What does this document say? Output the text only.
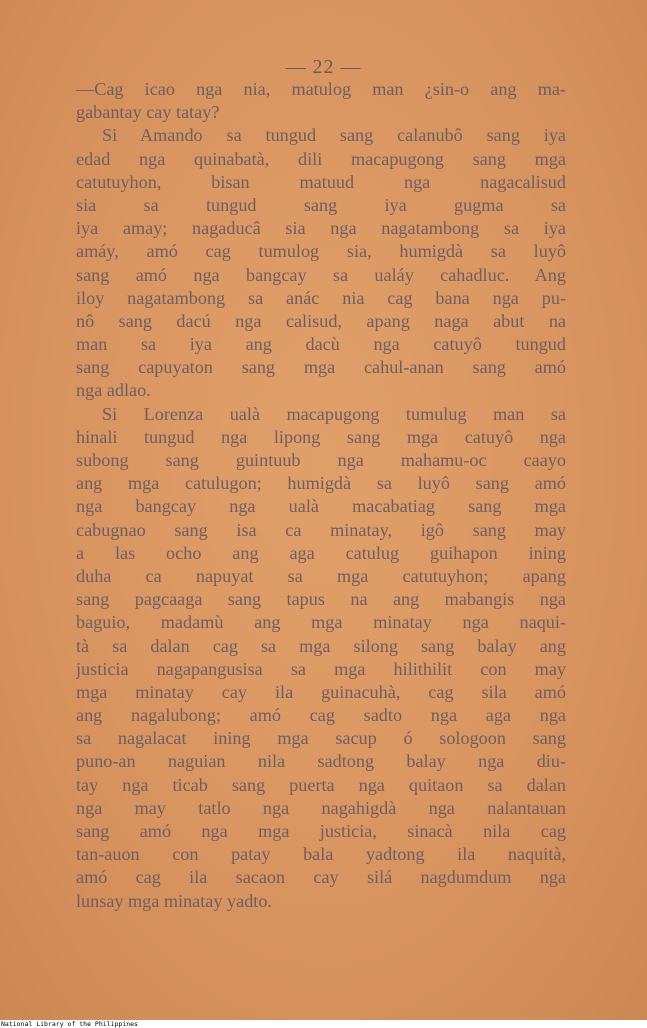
— 22 —
—Cag icao nga nia, matulog man ¿sin-o ang ma-
gabantay cay tatay?
Si Amando sa tungud sang calanubô sang iya
edad nga quinabatà, dili macapugong sang mga
catutuyhon, bisan matuud nga nagacalisud
sia sa tungud sang iya gugma sa
iya amay; nagaducâ sia nga nagatambong sa iya
amáy, amó cag tumulog sia, humigdà sa luyô
sang amó nga bangcay sa ualáy cahadluc. Ang
iloy nagatambong sa anác nia cag bana nga pu-
nô sang dacú nga calisud, apang naga abut na
man sa iya ang dacù nga catuyô tungud
sang capuyaton sang mga cahul-anan sang amó
nga adlao.
Si Lorenza ualà macapugong tumulug man sa
hinali tungud nga lipong sang mga catuyô nga
subong sang guintuub nga mahamu-oc caayo
ang mga catulugon; humigdà sa luyô sang amó
nga bangcay nga ualà macabatiag sang mga
cabugnao sang isa ca minatay, igô sang may
a las ocho ang aga catulug guihapon ining
duha ca napuyat sa mga catutuyhon; apang
sang pagcaaga sang tapus na ang mabangis nga
baguio, madamù ang mga minatay nga naqui-
tà sa dalan cag sa mga silong sang balay ang
justicia nagapangusisa sa mga hilithilit con may
mga minatay cay ila guinacuhà, cag sila amó
ang nagalubong; amó cag sadto nga aga nga
sa nagalacat ining mga sacup ó sologoon sang
puno-an naguian nila sadtong balay nga diu-
tay nga ticab sang puerta nga quitaon sa dalan
nga may tatlo nga nagahigdà nga nalantauan
sang amó nga mga justicia, sinacà nila cag
tan-auon con patay bala yadtong ila naquità,
amó cag ila sacaon cay silá nagdumdum nga
lunsay mga minatay yadto.
National Library of the Philippines
